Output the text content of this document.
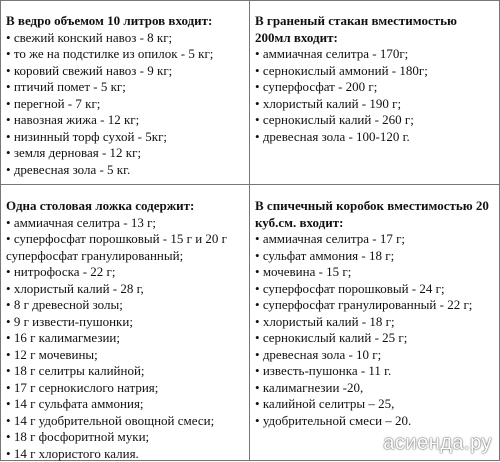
В ведро объемом 10 литров входит:
• свежий конский навоз - 8 кг;
• то же на подстилке из опилок - 5 кг;
• коровий свежий навоз - 9 кг;
• птичий помет - 5 кг;
• перегной - 7 кг;
• навозная жижа - 12 кг;
• низинный торф сухой - 5кг;
• земля дерновая - 12 кг;
• древесная зола - 5 кг.
В граненый стакан вместимостью 200мл входит:
• аммиачная селитра - 170г;
• сернокислый аммоний - 180г;
• суперфосфат - 200 г;
• хлористый калий - 190 г;
• сернокислый калий - 260 г;
• древесная зола - 100-120 г.
Одна столовая ложка содержит:
• аммиачная селитра - 13 г;
• суперфосфат порошковый - 15 г и 20 г суперфосфат гранулированный;
• нитрофоска - 22 г;
• хлористый калий - 28 г,
• 8 г древесной золы;
• 9 г извести-пушонки;
• 16 г калимагмезии;
• 12 г мочевины;
• 18 г селитры калийной;
• 17 г сернокислого натрия;
• 14 г сульфата аммония;
• 14 г удобрительной овощной смеси;
• 18 г фосфоритной муки;
• 14 г хлористого калия.
В спичечный коробок вместимостью 20 куб.см. входит:
• аммиачная селитра - 17 г;
• сульфат аммония - 18 г;
• мочевина - 15 г;
• суперфосфат порошковый - 24 г;
• суперфосфат гранулированный - 22 г;
• хлористый калий - 18 г;
• сернокислый калий - 25 г;
• древесная зола - 10 г;
• известь-пушонка - 11 г.
• калимагнезии -20,
• калийной селитры – 25,
• удобрительной смеси – 20.
асиенда.ру
